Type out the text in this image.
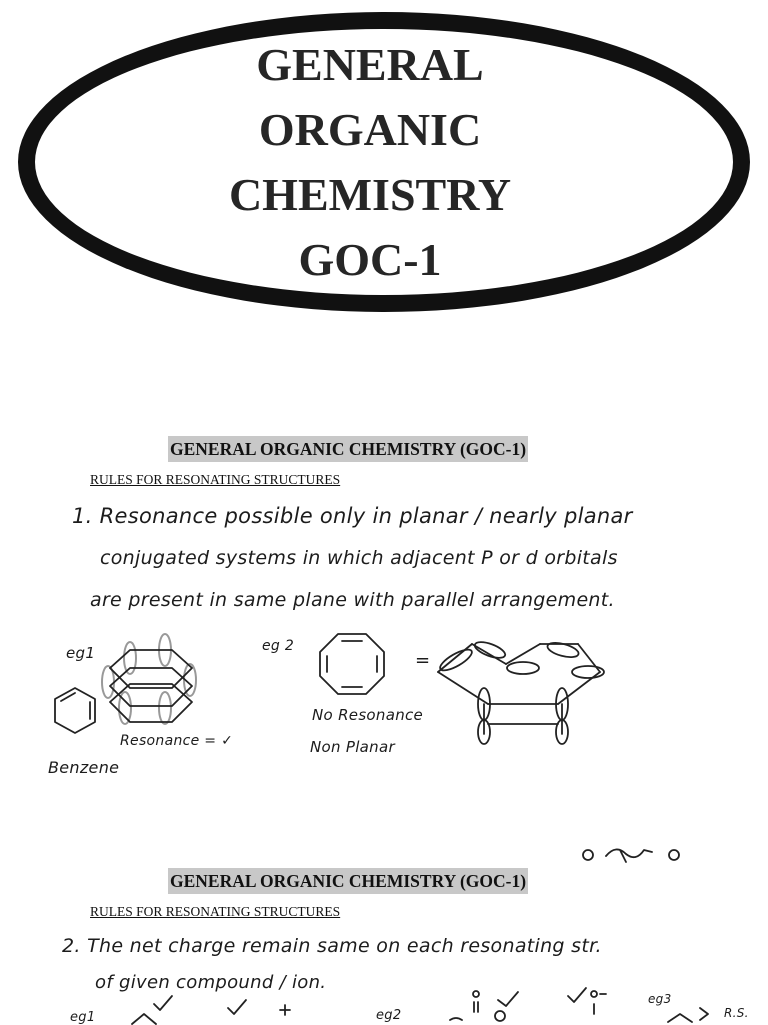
GENERAL
ORGANIC
CHEMISTRY
GOC-1
GENERAL ORGANIC CHEMISTRY (GOC-1)
RULES FOR RESONATING STRUCTURES
1. Resonance possible only in planar / nearly planar
conjugated systems in which adjacent P or d orbitals
are present in same plane with parallel arrangement.
eg1
Resonance = ✓
Benzene
eg 2
No Resonance
Non Planar
=
GENERAL ORGANIC CHEMISTRY (GOC-1)
RULES FOR RESONATING STRUCTURES
2. The net charge remain same on each resonating str.
of given compound / ion.
eg1	eg2
eg3
R.S.
